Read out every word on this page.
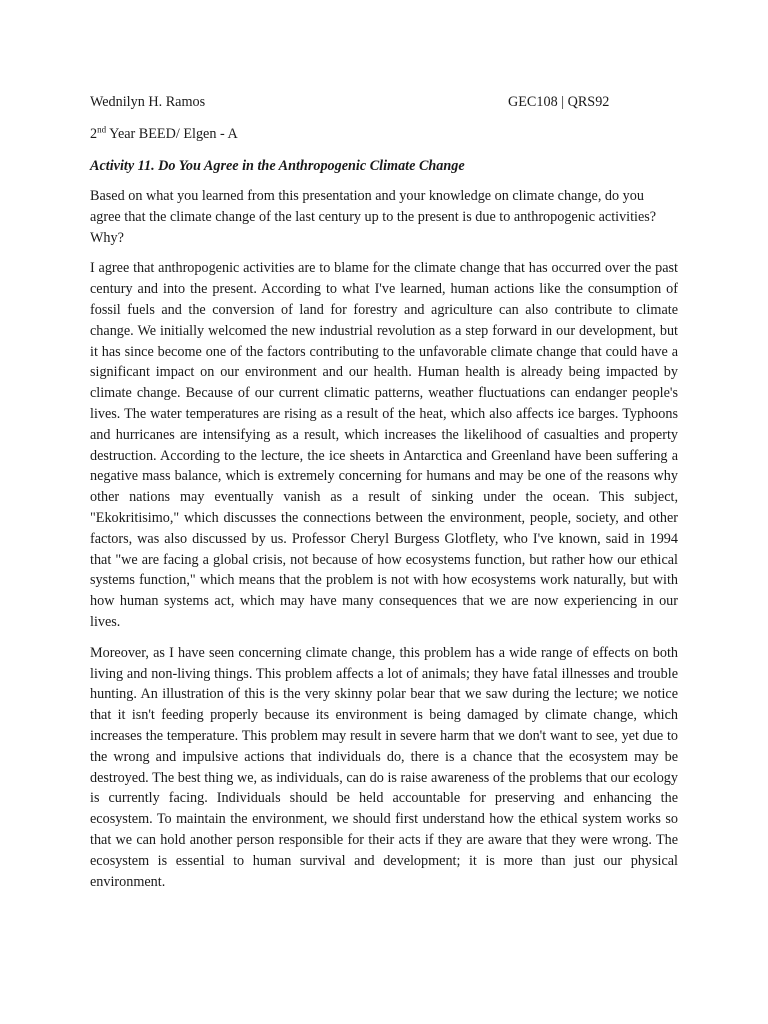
Wednilyn H. Ramos	GEC108 | QRS92
2nd Year BEED/ Elgen - A
Activity 11. Do You Agree in the Anthropogenic Climate Change

Based on what you learned from this presentation and your knowledge on climate change, do you agree that the climate change of the last century up to the present is due to anthropogenic activities? Why?

I agree that anthropogenic activities are to blame for the climate change that has occurred over the past century and into the present. According to what I've learned, human actions like the consumption of fossil fuels and the conversion of land for forestry and agriculture can also contribute to climate change. We initially welcomed the new industrial revolution as a step forward in our development, but it has since become one of the factors contributing to the unfavorable climate change that could have a significant impact on our environment and our health. Human health is already being impacted by climate change. Because of our current climatic patterns, weather fluctuations can endanger people's lives. The water temperatures are rising as a result of the heat, which also affects ice barges. Typhoons and hurricanes are intensifying as a result, which increases the likelihood of casualties and property destruction. According to the lecture, the ice sheets in Antarctica and Greenland have been suffering a negative mass balance, which is extremely concerning for humans and may be one of the reasons why other nations may eventually vanish as a result of sinking under the ocean. This subject, "Ekokritisimo," which discusses the connections between the environment, people, society, and other factors, was also discussed by us. Professor Cheryl Burgess Glotflety, who I've known, said in 1994 that "we are facing a global crisis, not because of how ecosystems function, but rather how our ethical systems function," which means that the problem is not with how ecosystems work naturally, but with how human systems act, which may have many consequences that we are now experiencing in our lives.

Moreover, as I have seen concerning climate change, this problem has a wide range of effects on both living and non-living things. This problem affects a lot of animals; they have fatal illnesses and trouble hunting. An illustration of this is the very skinny polar bear that we saw during the lecture; we notice that it isn't feeding properly because its environment is being damaged by climate change, which increases the temperature. This problem may result in severe harm that we don't want to see, yet due to the wrong and impulsive actions that individuals do, there is a chance that the ecosystem may be destroyed. The best thing we, as individuals, can do is raise awareness of the problems that our ecology is currently facing. Individuals should be held accountable for preserving and enhancing the ecosystem. To maintain the environment, we should first understand how the ethical system works so that we can hold another person responsible for their acts if they are aware that they were wrong. The ecosystem is essential to human survival and development; it is more than just our physical environment.
